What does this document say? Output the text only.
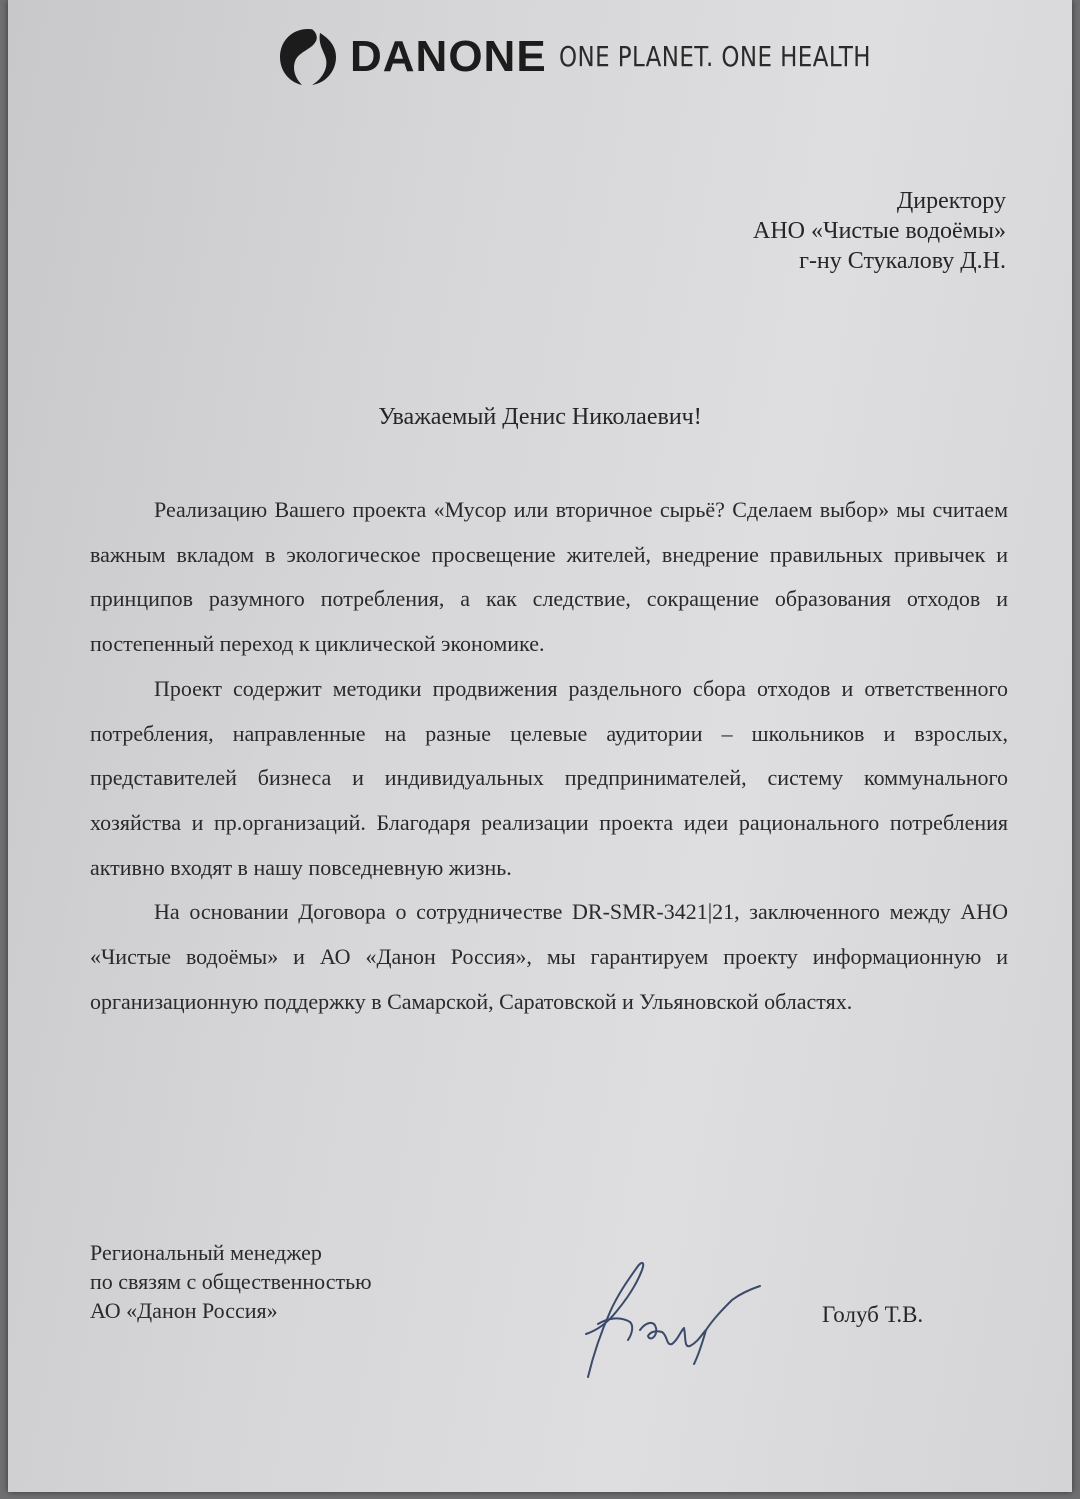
DANONE ONE PLANET. ONE HEALTH
Директору
АНО «Чистые водоёмы»
г-ну Стукалову Д.Н.
Уважаемый Денис Николаевич!

Реализацию Вашего проекта «Мусор или вторичное сырьё? Сделаем выбор» мы считаем важным вкладом в экологическое просвещение жителей, внедрение правильных привычек и принципов разумного потребления, а как следствие, сокращение образования отходов и постепенный переход к циклической экономике.

Проект содержит методики продвижения раздельного сбора отходов и ответственного потребления, направленные на разные целевые аудитории – школьников и взрослых, представителей бизнеса и индивидуальных предпринимателей, систему коммунального хозяйства и пр.организаций. Благодаря реализации проекта идеи рационального потребления активно входят в нашу повседневную жизнь.

На основании Договора о сотрудничестве DR-SMR-3421|21, заключенного между АНО «Чистые водоёмы» и АО «Данон Россия», мы гарантируем проекту информационную и организационную поддержку в Самарской, Саратовской и Ульяновской областях.

Региональный менеджер
по связям с общественностью
АО «Данон Россия»	Голуб Т.В.
